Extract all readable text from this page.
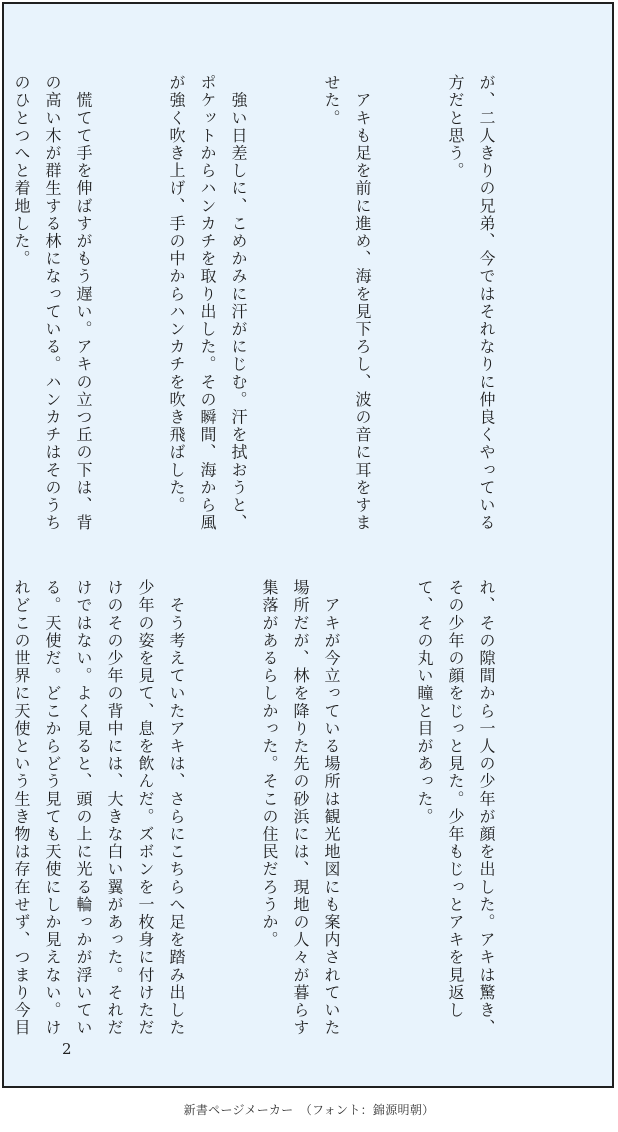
が、二人きりの兄弟、今ではそれなりに仲良くやっている方だと思う。

　アキも足を前に進め、海を見下ろし、波の音に耳をすませた。

　強い日差しに、こめかみに汗がにじむ。汗を拭おうと、ポケットからハンカチを取り出した。その瞬間、海から風が強く吹き上げ、手の中からハンカチを吹き飛ばした。

　慌てて手を伸ばすがもう遅い。アキの立つ丘の下は、背の高い木が群生する林になっている。ハンカチはそのうちのひとつへと着地した。

れ、その隙間から一人の少年が顔を出した。アキは驚き、その少年の顔をじっと見た。少年もじっとアキを見返して、その丸い瞳と目があった。

　アキが今立っている場所は観光地図にも案内されていた場所だが、林を降りた先の砂浜には、現地の人々が暮らす集落があるらしかった。そこの住民だろうか。

　そう考えていたアキは、さらにこちらへ足を踏み出した少年の姿を見て、息を飲んだ。ズボンを一枚身に付けただけのその少年の背中には、大きな白い翼があった。それだけではない。よく見ると、頭の上に光る輪っかが浮いている。天使だ。どこからどう見ても天使にしか見えない。けれどこの世界に天使という生き物は存在せず、つまり今目

2
新書ページメーカー　（フォント：錦源明朝）
